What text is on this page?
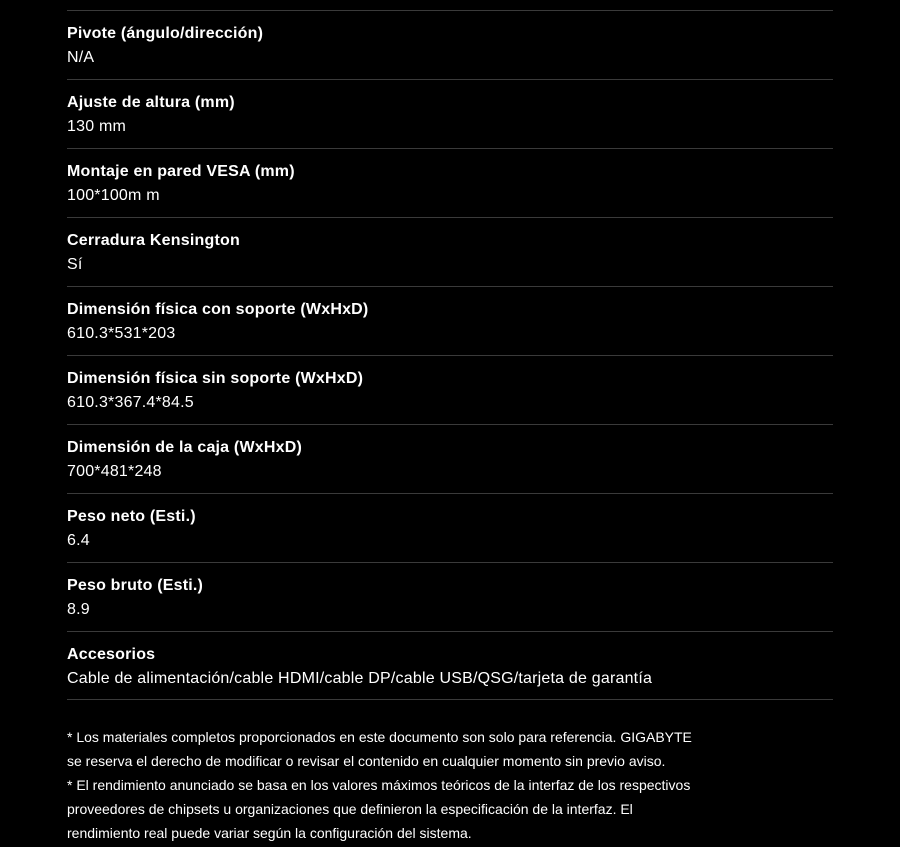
Pivote (ángulo/dirección)
N/A
Ajuste de altura (mm)
130 mm
Montaje en pared VESA (mm)
100*100m m
Cerradura Kensington
Sí
Dimensión física con soporte (WxHxD)
610.3*531*203
Dimensión física sin soporte (WxHxD)
610.3*367.4*84.5
Dimensión de la caja (WxHxD)
700*481*248
Peso neto (Esti.)
6.4
Peso bruto (Esti.)
8.9
Accesorios
Cable de alimentación/cable HDMI/cable DP/cable USB/QSG/tarjeta de garantía
* Los materiales completos proporcionados en este documento son solo para referencia. GIGABYTE
se reserva el derecho de modificar o revisar el contenido en cualquier momento sin previo aviso.
* El rendimiento anunciado se basa en los valores máximos teóricos de la interfaz de los respectivos
proveedores de chipsets u organizaciones que definieron la especificación de la interfaz. El
rendimiento real puede variar según la configuración del sistema.
